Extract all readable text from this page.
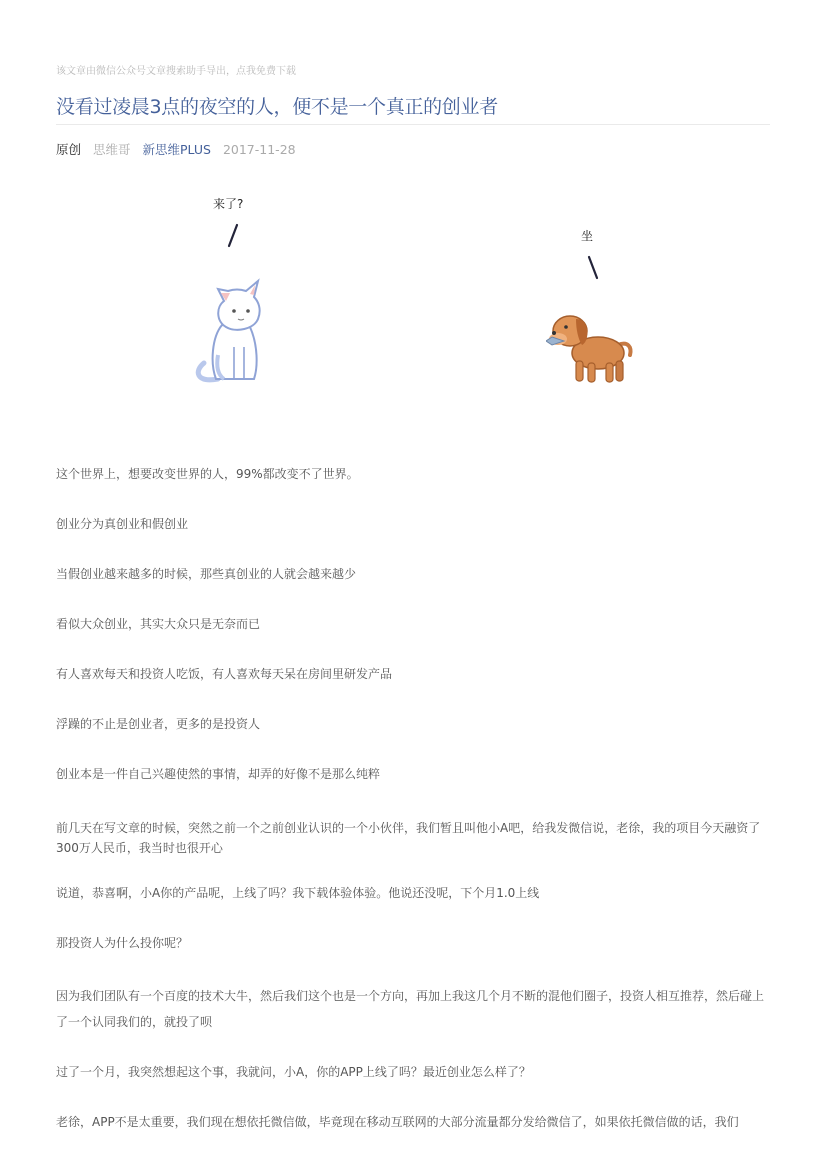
该文章由微信公众号文章搜索助手导出，点我免费下载
没看过凌晨3点的夜空的人，便不是一个真正的创业者
原创 思维哥 新思维PLUS 2017-11-28
来了?
坐
这个世界上，想要改变世界的人，99%都改变不了世界。
创业分为真创业和假创业
当假创业越来越多的时候，那些真创业的人就会越来越少
看似大众创业，其实大众只是无奈而已
有人喜欢每天和投资人吃饭，有人喜欢每天呆在房间里研发产品
浮躁的不止是创业者，更多的是投资人
创业本是一件自己兴趣使然的事情，却弄的好像不是那么纯粹
前几天在写文章的时候，突然之前一个之前创业认识的一个小伙伴，我们暂且叫他小A吧，给我发微信说，老徐，我的项目今天融资了300万人民币，我当时也很开心
说道，恭喜啊，小A你的产品呢，上线了吗？我下载体验体验。他说还没呢，下个月1.0上线
那投资人为什么投你呢？
因为我们团队有一个百度的技术大牛，然后我们这个也是一个方向，再加上我这几个月不断的混他们圈子，投资人相互推荐，然后碰上了一个认同我们的，就投了呗
过了一个月，我突然想起这个事，我就问，小A，你的APP上线了吗？最近创业怎么样了？
老徐，APP不是太重要，我们现在想依托微信做，毕竟现在移动互联网的大部分流量都分发给微信了，如果依托微信做的话，我们
